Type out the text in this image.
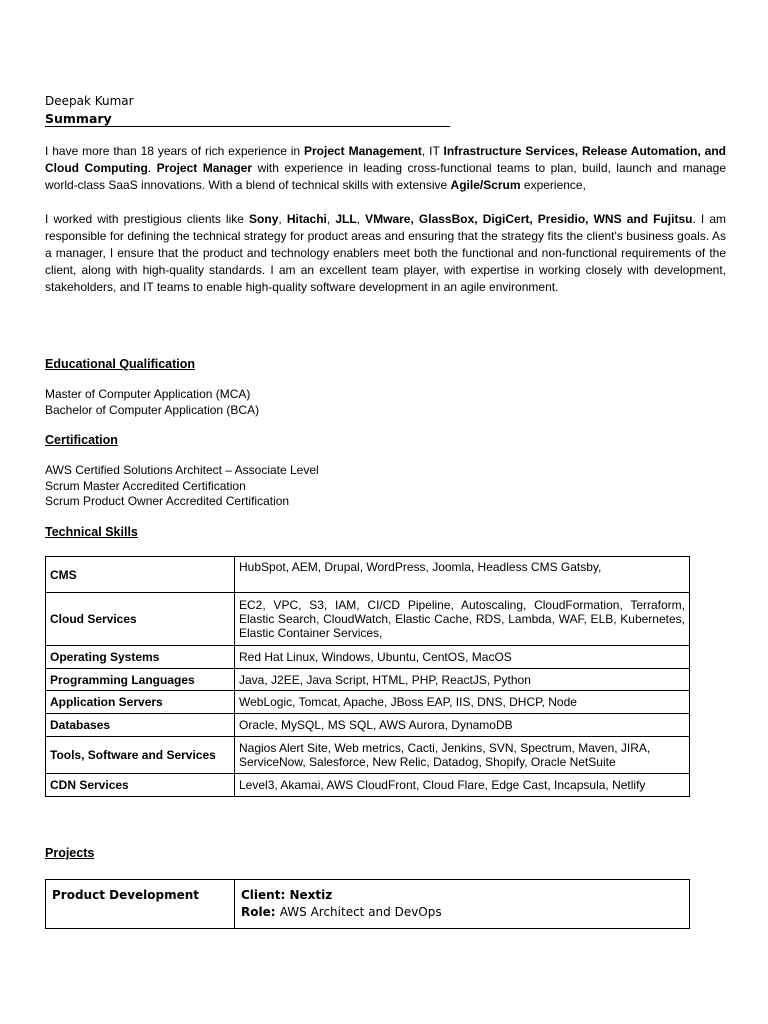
Deepak Kumar
Summary
I have more than 18 years of rich experience in Project Management, IT Infrastructure Services, Release Automation, and Cloud Computing. Project Manager with experience in leading cross-functional teams to plan, build, launch and manage world-class SaaS innovations. With a blend of technical skills with extensive Agile/Scrum experience,
I worked with prestigious clients like Sony, Hitachi, JLL, VMware, GlassBox, DigiCert, Presidio, WNS and Fujitsu. I am responsible for defining the technical strategy for product areas and ensuring that the strategy fits the client's business goals. As a manager, I ensure that the product and technology enablers meet both the functional and non-functional requirements of the client, along with high-quality standards. I am an excellent team player, with expertise in working closely with development, stakeholders, and IT teams to enable high-quality software development in an agile environment.
Educational Qualification
Master of Computer Application (MCA)
Bachelor of Computer Application (BCA)
Certification
AWS Certified Solutions Architect – Associate Level
Scrum Master Accredited Certification
Scrum Product Owner Accredited Certification
Technical Skills
CMS	HubSpot, AEM, Drupal, WordPress, Joomla, Headless CMS Gatsby,
Cloud Services	EC2, VPC, S3, IAM, CI/CD Pipeline, Autoscaling, CloudFormation, Terraform, Elastic Search, CloudWatch, Elastic Cache, RDS, Lambda, WAF, ELB, Kubernetes, Elastic Container Services,
Operating Systems	Red Hat Linux, Windows, Ubuntu, CentOS, MacOS
Programming Languages	Java, J2EE, Java Script, HTML, PHP, ReactJS, Python
Application Servers	WebLogic, Tomcat, Apache, JBoss EAP, IIS, DNS, DHCP, Node
Databases	Oracle, MySQL, MS SQL, AWS Aurora, DynamoDB
Tools, Software and Services	Nagios Alert Site, Web metrics, Cacti, Jenkins, SVN, Spectrum, Maven, JIRA, ServiceNow, Salesforce, New Relic, Datadog, Shopify, Oracle NetSuite
CDN Services	Level3, Akamai, AWS CloudFront, Cloud Flare, Edge Cast, Incapsula, Netlify
Projects
Product Development	Client: Nextiz
Role: AWS Architect and DevOps
